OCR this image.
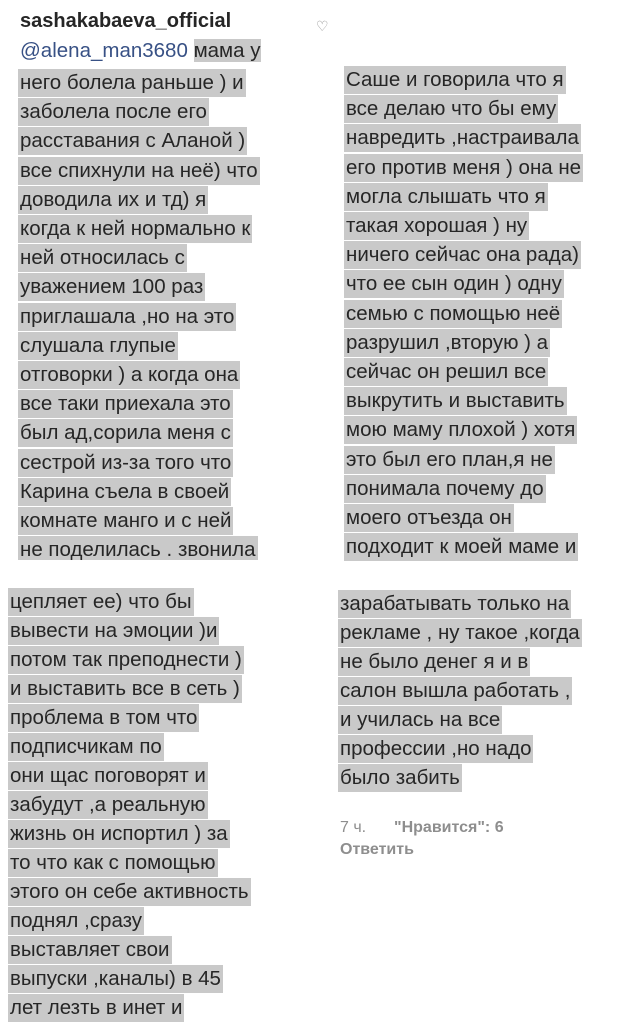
sashakabaeva_official
@alena_man3680 мама у
него болела раньше ) и
заболела после его
расставания с Аланой )
все спихнули на неё) что
доводила их и тд) я
когда к ней нормально к
ней относилась с
уважением 100 раз
приглашала ,но на это
слушала глупые
отговорки ) а когда она
все таки приехала это
был ад,сорила меня с
сестрой из-за того что
Карина съела в своей
комнате манго и с ней
не поделилась . звонила
♡
Саше и говорила что я
все делаю что бы ему
навредить ,настраивала
его против меня ) она не
могла слышать что я
такая хорошая ) ну
ничего сейчас она рада)
что ее сын один ) одну
семью с помощью неё
разрушил ,вторую ) а
сейчас он решил все
выкрутить и выставить
мою маму плохой ) хотя
это был его план,я не
понимала почему до
моего отъезда он
подходит к моей маме и
цепляет ее) что бы
вывести на эмоции )и
потом так преподнести )
и выставить все в сеть )
проблема в том что
подписчикам по
они щас поговорят и
забудут ,а реальную
жизнь он испортил ) за
то что как с помощью
этого он себе активность
поднял ,сразу
выставляет свои
выпуски ,каналы) в 45
лет лезть в инет и
зарабатывать только на
рекламе , ну такое ,когда
не было денег я и в
салон вышла работать ,
и училась на все
профессии ,но надо
было забить
7 ч. "Нравится": 6
Ответить
